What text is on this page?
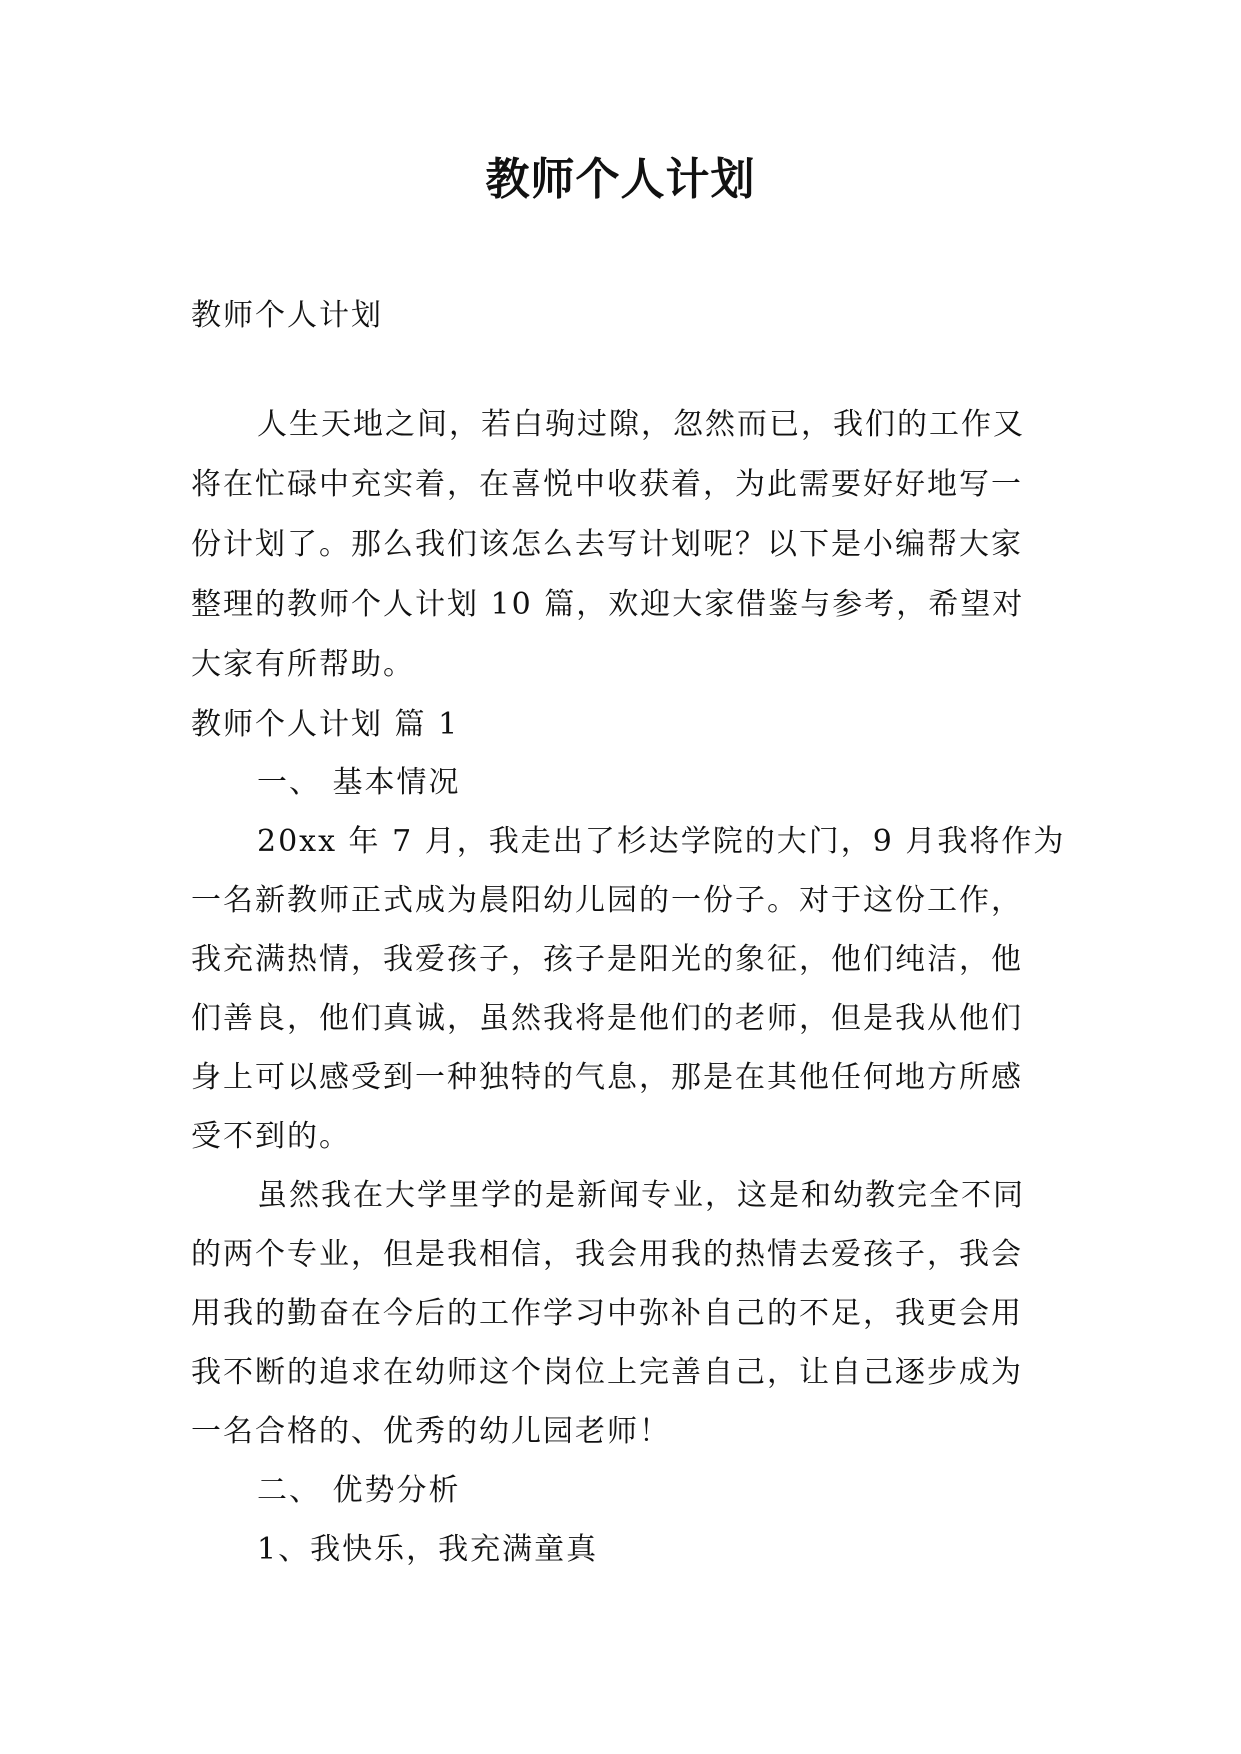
教师个人计划
教师个人计划
人生天地之间，若白驹过隙，忽然而已，我们的工作又
将在忙碌中充实着，在喜悦中收获着，为此需要好好地写一
份计划了。那么我们该怎么去写计划呢？以下是小编帮大家
整理的教师个人计划 10 篇，欢迎大家借鉴与参考，希望对
大家有所帮助。
教师个人计划 篇 1
一、 基本情况
20xx 年 7 月，我走出了杉达学院的大门，9 月我将作为
一名新教师正式成为晨阳幼儿园的一份子。对于这份工作，
我充满热情，我爱孩子，孩子是阳光的象征，他们纯洁，他
们善良，他们真诚，虽然我将是他们的老师，但是我从他们
身上可以感受到一种独特的气息，那是在其他任何地方所感
受不到的。
虽然我在大学里学的是新闻专业，这是和幼教完全不同
的两个专业，但是我相信，我会用我的热情去爱孩子，我会
用我的勤奋在今后的工作学习中弥补自己的不足，我更会用
我不断的追求在幼师这个岗位上完善自己，让自己逐步成为
一名合格的、优秀的幼儿园老师！
二、 优势分析
1、我快乐，我充满童真
